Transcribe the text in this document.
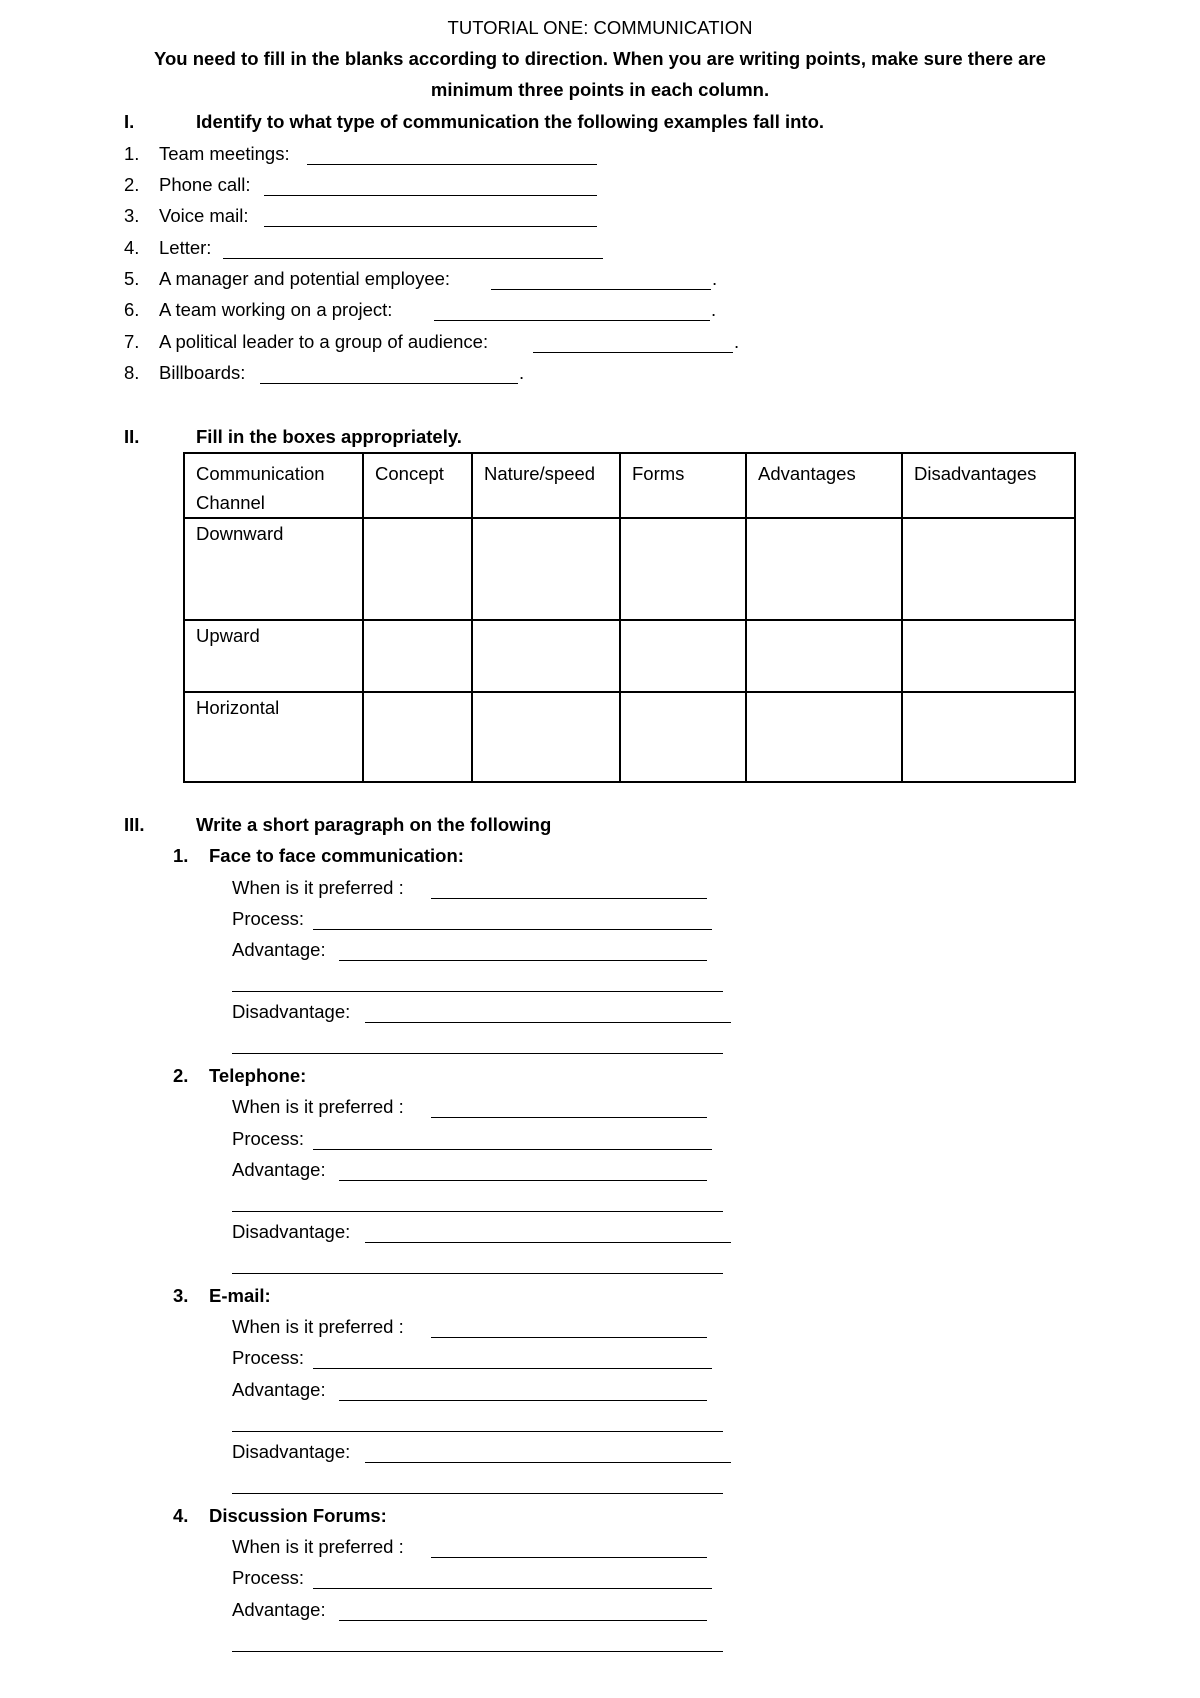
TUTORIAL ONE: COMMUNICATION
You need to fill in the blanks according to direction. When you are writing points, make sure there are
minimum three points in each column.
I.	Identify to what type of communication the following examples fall into.
1. Team meetings:
2. Phone call:
3. Voice mail:
4. Letter:
5. A manager and potential employee:	.
6. A team working on a project:	.
7. A political leader to a group of audience:	.
8. Billboards:	.
II.	Fill in the boxes appropriately.
Communication Channel	Concept	Nature/speed	Forms	Advantages	Disadvantages
Downward					
Upward					
Horizontal					
III.	Write a short paragraph on the following
1. Face to face communication:
When is it preferred :
Process:
Advantage:
Disadvantage:
2. Telephone:
When is it preferred :
Process:
Advantage:
Disadvantage:
3. E-mail:
When is it preferred :
Process:
Advantage:
Disadvantage:
4. Discussion Forums:
When is it preferred :
Process:
Advantage:
